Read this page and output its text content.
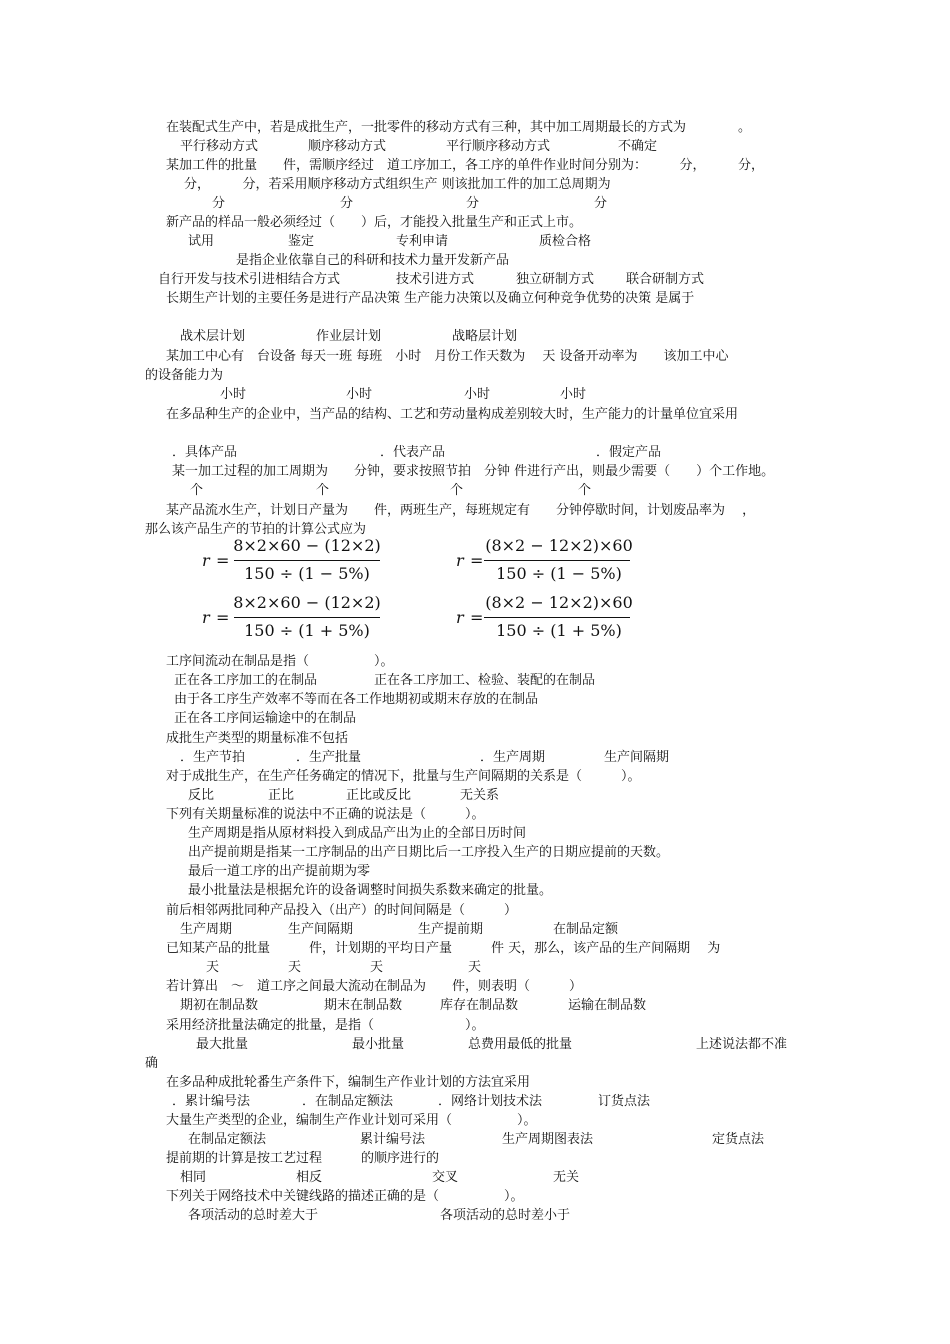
在装配式生产中，若是成批生产，一批零件的移动方式有三种，其中加工周期最长的方式为　　　　。
平行移动方式	顺序移动方式	平行顺序移动方式	不确定
某加工件的批量　　件，需顺序经过　道工序加工，各工序的单件作业时间分别为：　　　分，　　　分，
分，　　　分，若采用顺序移动方式组织生产 则该批加工件的加工总周期为
分	分	分	分
新产品的样品一般必须经过（　　）后，才能投入批量生产和正式上市。
试用	鉴定	专利申请	质检合格
是指企业依靠自己的科研和技术力量开发新产品
自行开发与技术引进相结合方式	技术引进方式	独立研制方式 联合研制方式
长期生产计划的主要任务是进行产品决策 生产能力决策以及确立何种竞争优势的决策 是属于
战术层计划	作业层计划	战略层计划
某加工中心有　台设备 每天一班 每班　小时　月份工作天数为　 天 设备开动率为　　该加工中心
的设备能力为
小时	小时	小时	小时
在多品种生产的企业中，当产品的结构、工艺和劳动量构成差别较大时，生产能力的计量单位宜采用
．具体产品	．代表产品	．假定产品
某一加工过程的加工周期为　　分钟，要求按照节拍　分钟 件进行产出，则最少需要（　　）个工作地。
个	个	个	个
某产品流水生产，计划日产量为　　件，两班生产，每班规定有　　分钟停歇时间，计划废品率为　 ，
那么该产品生产的节拍的计算公式应为
r =
8×2×60 − (12×2)
150 ÷ (1 − 5%)
r =
(8×2 − 12×2)×60
150 ÷ (1 − 5%)
r =
8×2×60 − (12×2)
150 ÷ (1 + 5%)
r =
(8×2 − 12×2)×60
150 ÷ (1 + 5%)
工序间流动在制品是指（　　　　　）。
正在各工序加工的在制品	正在各工序加工、检验、装配的在制品
由于各工序生产效率不等而在各工作地期初或期末存放的在制品
正在各工序间运输途中的在制品
成批生产类型的期量标准不包括
．生产节拍	．生产批量	．生产周期	生产间隔期
对于成批生产，在生产任务确定的情况下，批量与生产间隔期的关系是（　　　）。
反比	正比	正比或反比	无关系
下列有关期量标准的说法中不正确的说法是（　　　）。
生产周期是指从原材料投入到成品产出为止的全部日历时间
出产提前期是指某一工序制品的出产日期比后一工序投入生产的日期应提前的天数。
最后一道工序的出产提前期为零
最小批量法是根据允许的设备调整时间损失系数来确定的批量。
前后相邻两批同种产品投入（出产）的时间间隔是（　　　）
生产周期	生产间隔期	生产提前期	在制品定额
已知某产品的批量　　　件，计划期的平均日产量　　　件 天，那么，该产品的生产间隔期　 为
天	天	天	天
若计算出　～　道工序之间最大流动在制品为　　件，则表明（　　　）
期初在制品数	期末在制品数	库存在制品数	运输在制品数
采用经济批量法确定的批量，是指（　　　　　　　）。
最大批量	最小批量	总费用最低的批量	上述说法都不准
确
在多品种成批轮番生产条件下，编制生产作业计划的方法宜采用
．累计编号法	．在制品定额法	．网络计划技术法	订货点法
大量生产类型的企业，编制生产作业计划可采用（　　　　　）。
在制品定额法	累计编号法	生产周期图表法	定货点法
提前期的计算是按工艺过程　　　的顺序进行的
相同	相反	交叉	无关
下列关于网络技术中关键线路的描述正确的是（　　　　　）。
各项活动的总时差大于	各项活动的总时差小于
